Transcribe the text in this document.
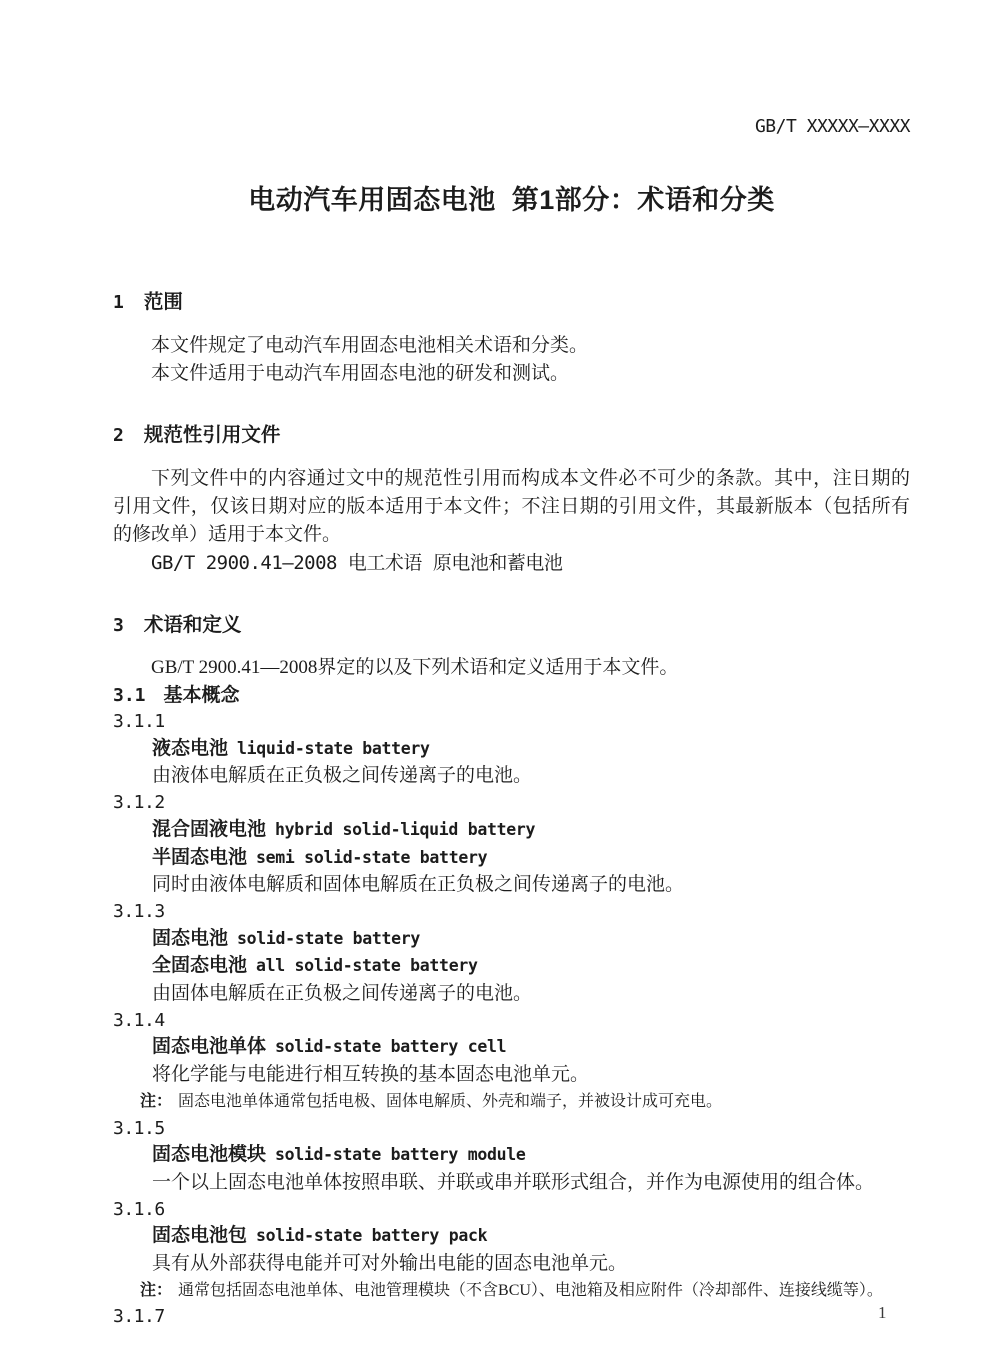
GB/T XXXXX—XXXX
电动汽车用固态电池 第1部分：术语和分类
1 范围

本文件规定了电动汽车用固态电池相关术语和分类。

本文件适用于电动汽车用固态电池的研发和测试。

2 规范性引用文件

下列文件中的内容通过文中的规范性引用而构成本文件必不可少的条款。其中，注日期的引用文件，仅该日期对应的版本适用于本文件；不注日期的引用文件，其最新版本（包括所有的修改单）适用于本文件。

GB/T 2900.41—2008 电工术语 原电池和蓄电池

3 术语和定义

GB/T 2900.41—2008界定的以及下列术语和定义适用于本文件。

3.1 基本概念
3.1.1
液态电池 liquid-state battery
由液体电解质在正负极之间传递离子的电池。
3.1.2
混合固液电池 hybrid solid-liquid battery
半固态电池 semi solid-state battery
同时由液体电解质和固体电解质在正负极之间传递离子的电池。
3.1.3
固态电池 solid-state battery
全固态电池 all solid-state battery
由固体电解质在正负极之间传递离子的电池。
3.1.4
固态电池单体 solid-state battery cell
将化学能与电能进行相互转换的基本固态电池单元。
注： 固态电池单体通常包括电极、固体电解质、外壳和端子，并被设计成可充电。
3.1.5
固态电池模块 solid-state battery module
一个以上固态电池单体按照串联、并联或串并联形式组合，并作为电源使用的组合体。
3.1.6
固态电池包 solid-state battery pack
具有从外部获得电能并可对外输出电能的固态电池单元。
注： 通常包括固态电池单体、电池管理模块（不含BCU）、电池箱及相应附件（冷却部件、连接线缆等）。
3.1.7	1
